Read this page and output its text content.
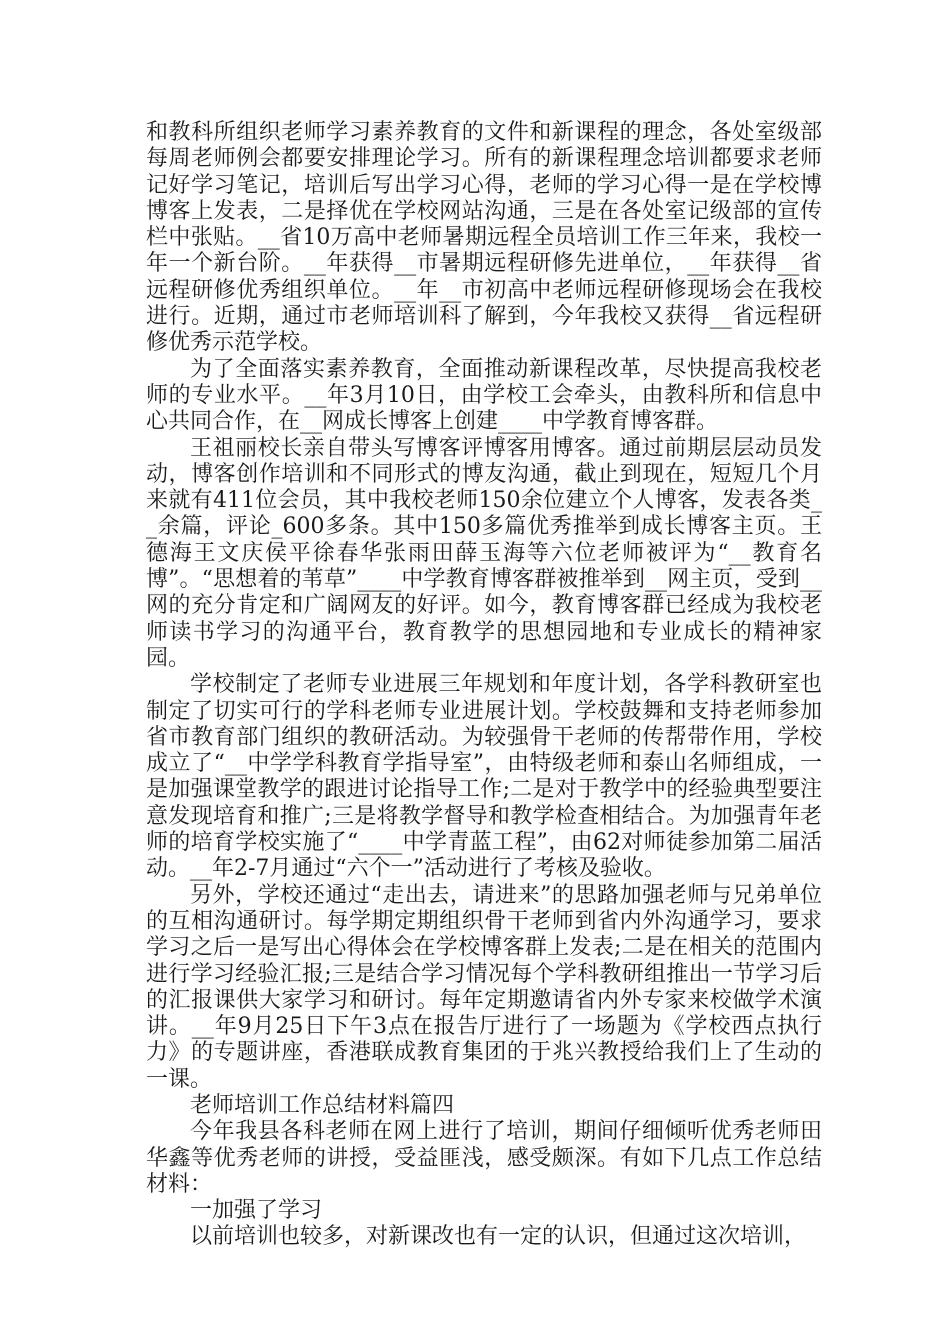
和教科所组织老师学习素养教育的文件和新课程的理念，各处室级部每周老师例会都要安排理论学习。所有的新课程理念培训都要求老师记好学习笔记，培训后写出学习心得，老师的学习心得一是在学校博博客上发表，二是择优在学校网站沟通，三是在各处室记级部的宣传栏中张贴。__省10万高中老师暑期远程全员培训工作三年来，我校一年一个新台阶。__年获得__市暑期远程研修先进单位，__年获得__省远程研修优秀组织单位。__年__市初高中老师远程研修现场会在我校进行。近期，通过市老师培训科了解到，今年我校又获得__省远程研修优秀示范学校。

为了全面落实素养教育，全面推动新课程改革，尽快提高我校老师的专业水平。__年3月10日，由学校工会牵头，由教科所和信息中心共同合作，在__网成长博客上创建____中学教育博客群。

王祖丽校长亲自带头写博客评博客用博客。通过前期层层动员发动，博客创作培训和不同形式的博友沟通，截止到现在，短短几个月来就有411位会员，其中我校老师150余位建立个人博客，发表各类__余篇，评论_600多条。其中150多篇优秀推举到成长博客主页。王德海王文庆侯平徐春华张雨田薛玉海等六位老师被评为“__教育名博”。“思想着的苇草”____中学教育博客群被推举到__网主页，受到__网的充分肯定和广阔网友的好评。如今，教育博客群已经成为我校老师读书学习的沟通平台，教育教学的思想园地和专业成长的精神家园。

学校制定了老师专业进展三年规划和年度计划，各学科教研室也制定了切实可行的学科老师专业进展计划。学校鼓舞和支持老师参加省市教育部门组织的教研活动。为较强骨干老师的传帮带作用，学校成立了“__中学学科教育学指导室”，由特级老师和泰山名师组成，一是加强课堂教学的跟进讨论指导工作;二是对于教学中的经验典型要注意发现培育和推广;三是将教学督导和教学检查相结合。为加强青年老师的培育学校实施了“____中学青蓝工程”，由62对师徒参加第二届活动。__年2-7月通过“六个一”活动进行了考核及验收。

另外，学校还通过“走出去，请进来”的思路加强老师与兄弟单位的互相沟通研讨。每学期定期组织骨干老师到省内外沟通学习，要求学习之后一是写出心得体会在学校博客群上发表;二是在相关的范围内进行学习经验汇报;三是结合学习情况每个学科教研组推出一节学习后的汇报课供大家学习和研讨。每年定期邀请省内外专家来校做学术演讲。__年9月25日下午3点在报告厅进行了一场题为《学校西点执行力》的专题讲座，香港联成教育集团的于兆兴教授给我们上了生动的一课。

老师培训工作总结材料篇四

今年我县各科老师在网上进行了培训，期间仔细倾听优秀老师田华鑫等优秀老师的讲授，受益匪浅，感受颇深。有如下几点工作总结材料：

一加强了学习

以前培训也较多，对新课改也有一定的认识，但通过这次培训，
